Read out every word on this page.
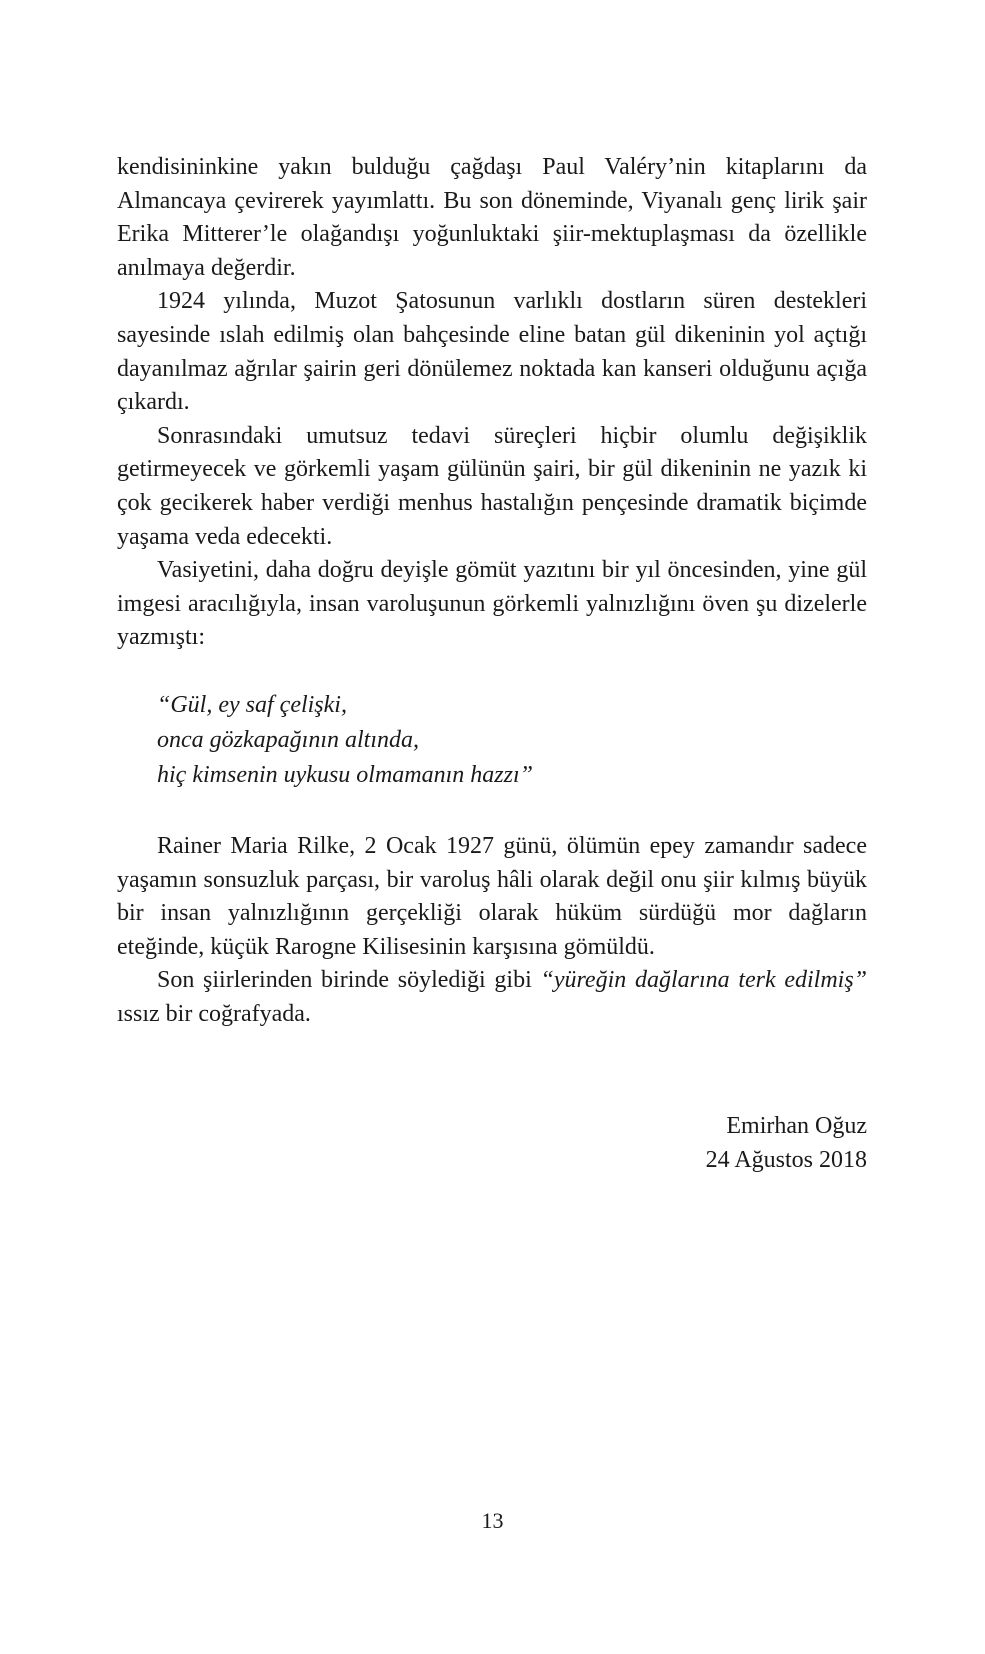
kendisininkine yakın bulduğu çağdaşı Paul Valéry’nin kitaplarını da Almancaya çevirerek yayımlattı. Bu son döneminde, Viyanalı genç lirik şair Erika Mitterer’le olağandışı yoğunluktaki şiir-mektuplaşması da özellikle anılmaya değerdir.

1924 yılında, Muzot Şatosunun varlıklı dostların süren destekleri sayesinde ıslah edilmiş olan bahçesinde eline batan gül dikeninin yol açtığı dayanılmaz ağrılar şairin geri dönülemez noktada kan kanseri olduğunu açığa çıkardı.

Sonrasındaki umutsuz tedavi süreçleri hiçbir olumlu değişiklik getirmeyecek ve görkemli yaşam gülünün şairi, bir gül dikeninin ne yazık ki çok gecikerek haber verdiği menhus hastalığın pençesinde dramatik biçimde yaşama veda edecekti.

Vasiyetini, daha doğru deyişle gömüt yazıtını bir yıl öncesinden, yine gül imgesi aracılığıyla, insan varoluşunun görkemli yalnızlığını öven şu dizelerle yazmıştı:

“Gül, ey saf çelişki,
onca gözkapağının altında,
hiç kimsenin uykusu olmamanın hazzı”

Rainer Maria Rilke, 2 Ocak 1927 günü, ölümün epey zamandır sadece yaşamın sonsuzluk parçası, bir varoluş hâli olarak değil onu şiir kılmış büyük bir insan yalnızlığının gerçekliği olarak hüküm sürdüğü mor dağların eteğinde, küçük Rarogne Kilisesinin karşısına gömüldü.

Son şiirlerinden birinde söylediği gibi “yüreğin dağlarına terk edilmiş” ıssız bir coğrafyada.

Emirhan Oğuz
24 Ağustos 2018
13
